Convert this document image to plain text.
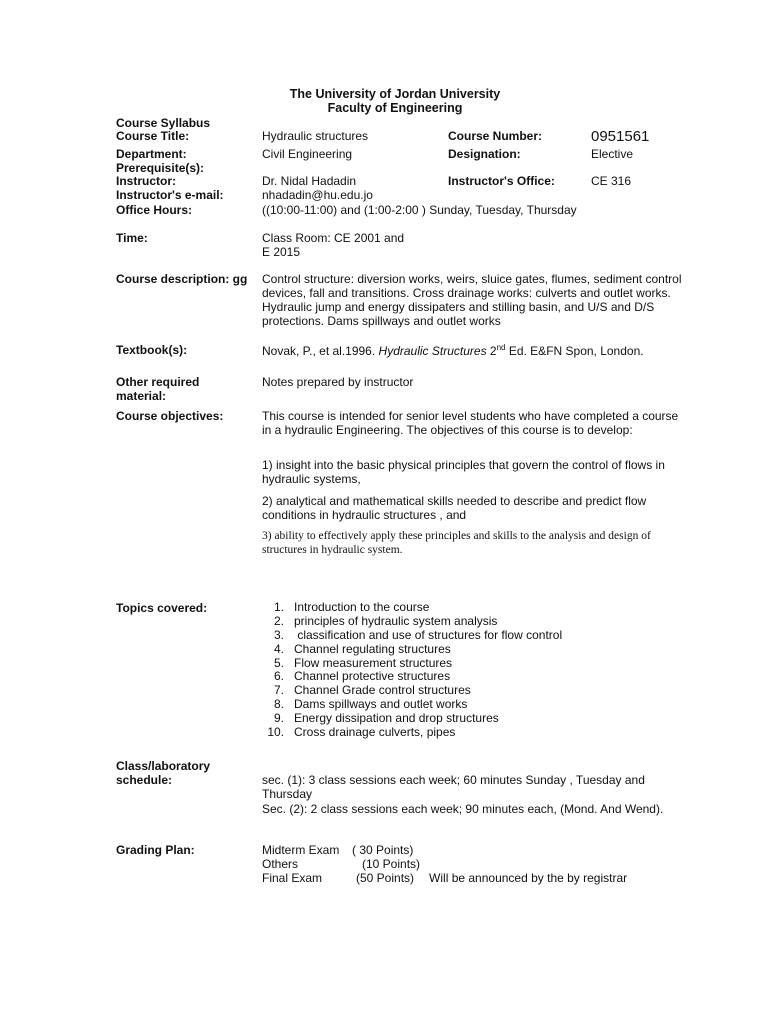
The University of Jordan University
Faculty of Engineering
Course Syllabus
Course Title:	Hydraulic structures	Course Number:	0951561
Department:	Civil Engineering	Designation:	Elective
Prerequisite(s):
Instructor:	Dr. Nidal Hadadin	Instructor's Office:	CE 316
Instructor's e-mail:	nhadadin@hu.edu.jo
Office Hours:	((10:00-11:00) and (1:00-2:00 ) Sunday, Tuesday, Thursday
Time:	Class Room: CE 2001 and
E 2015
Course description: gg Control structure: diversion works, weirs, sluice gates, flumes, sediment control devices, fall and transitions. Cross drainage works: culverts and outlet works. Hydraulic jump and energy dissipaters and stilling basin, and U/S and D/S protections. Dams spillways and outlet works
Textbook(s):	Novak, P., et al.1996. Hydraulic Structures 2nd Ed. E&FN Spon, London.
Other required
material:
Notes prepared by instructor
Course objectives:	This course is intended for senior level students who have completed a course in a hydraulic Engineering. The objectives of this course is to develop:
1) insight into the basic physical principles that govern the control of flows in hydraulic systems,
2) analytical and mathematical skills needed to describe and predict flow conditions in hydraulic structures , and
3) ability to effectively apply these principles and skills to the analysis and design of structures in hydraulic system.
Topics covered:	1. Introduction to the course
2. principles of hydraulic system analysis
3. classification and use of structures for flow control
4. Channel regulating structures
5. Flow measurement structures
6. Channel protective structures
7. Channel Grade control structures
8. Dams spillways and outlet works
9. Energy dissipation and drop structures
10. Cross drainage culverts, pipes
Class/laboratory
schedule:	sec. (1): 3 class sessions each week; 60 minutes Sunday , Tuesday and Thursday
Sec. (2): 2 class sessions each week; 90 minutes each, (Mond. And Wend).
Grading Plan:	Midterm Exam ( 30 Points)
Others	(10 Points)
Final Exam	(50 Points) Will be announced by the by registrar
